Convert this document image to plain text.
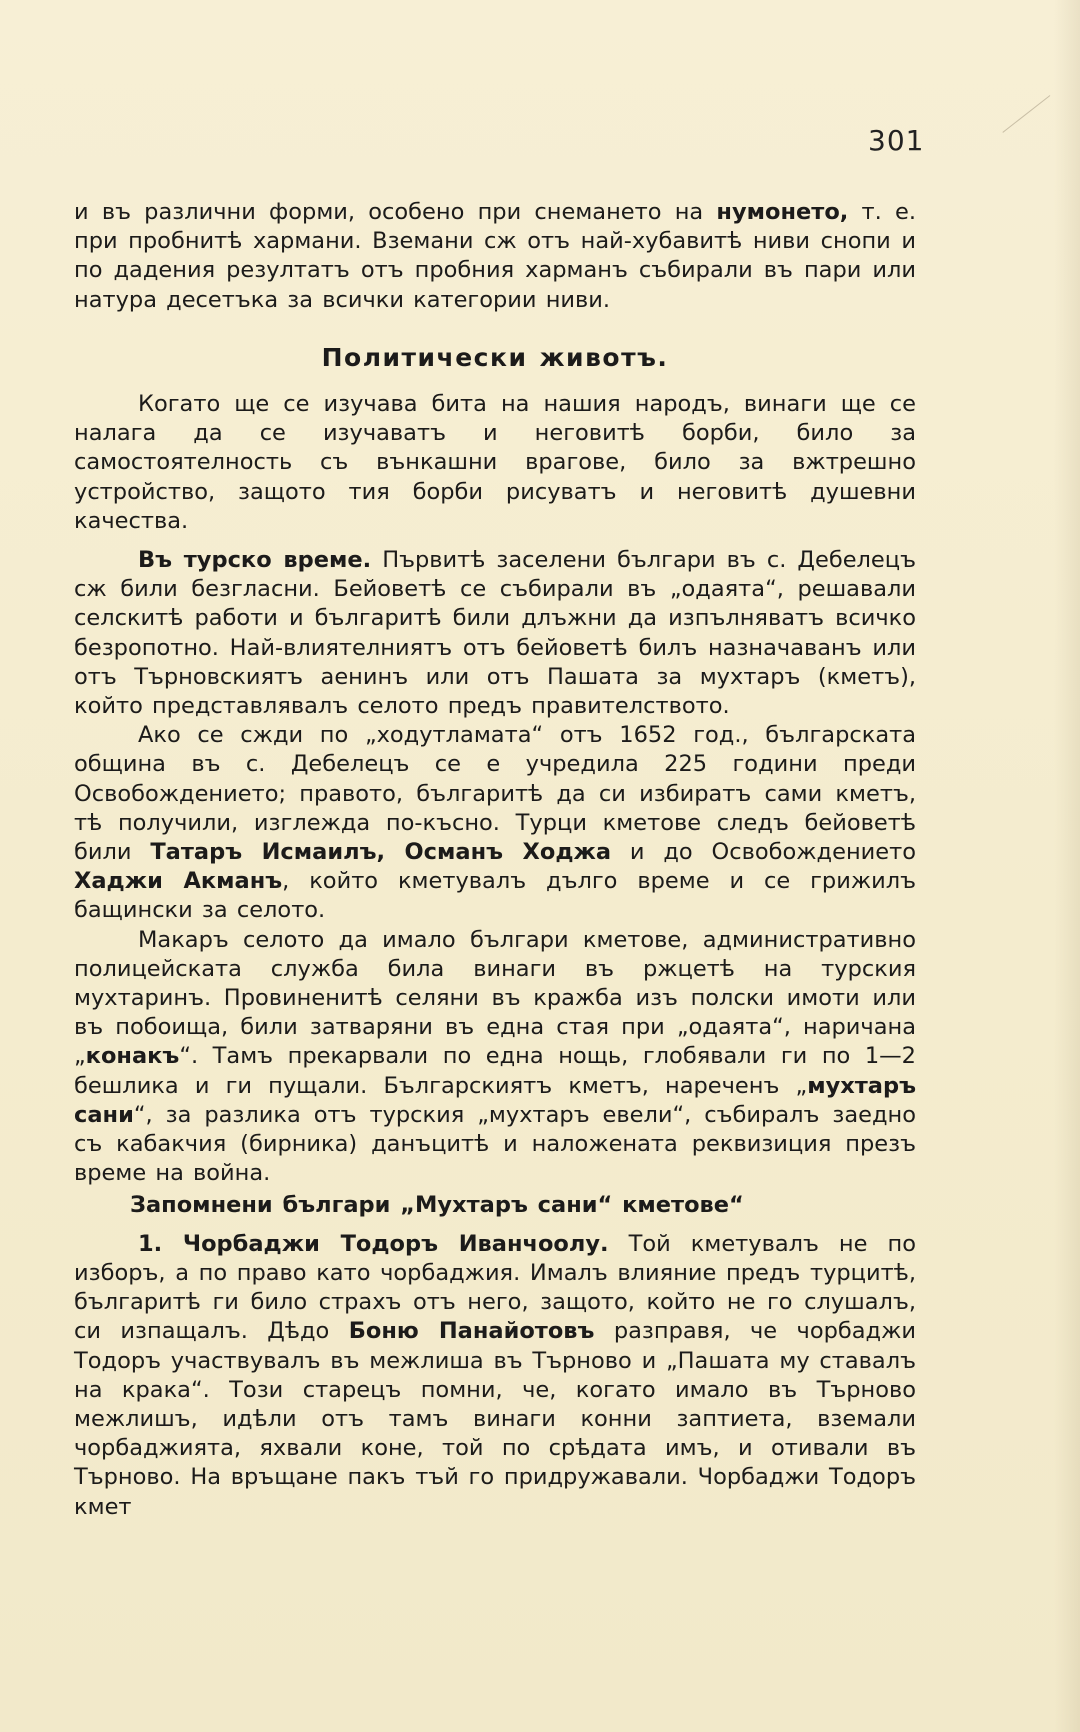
301

и въ различни форми, особено при снемането на нумонето, т. е. при пробнитѣ хармани. Вземани сж отъ най-хубавитѣ ниви снопи и по дадения резултатъ отъ пробния харманъ събирали въ пари или натура десетъка за всички категории ниви.

Политически животъ.

Когато ще се изучава бита на нашия народъ, винаги ще се налага да се изучаватъ и неговитѣ борби, било за самостоятелность съ вънкашни врагове, било за вжтрешно устройство, защото тия борби рисуватъ и неговитѣ душевни качества.

Въ турско време. Първитѣ заселени българи въ с. Дебелецъ сж били безгласни. Бейоветѣ се събирали въ „одаята“, решавали селскитѣ работи и българитѣ били длъжни да изпълняватъ всичко безропотно. Най-влиятелниятъ отъ бейоветѣ билъ назначаванъ или отъ Търновскиятъ аенинъ или отъ Пашата за мухтаръ (кметъ), който представлявалъ селото предъ правителството.

Ако се сжди по „ходутламата“ отъ 1652 год., българската община въ с. Дебелецъ се е учредила 225 години преди Освобождението; правото, българитѣ да си избиратъ сами кметъ, тѣ получили, изглежда по-късно. Турци кметове следъ бейоветѣ били Татаръ Исмаилъ, Османъ Ходжа и до Освобождението Хаджи Акманъ, който кметувалъ дълго време и се грижилъ бащински за селото.

Макаръ селото да имало българи кметове, административно полицейската служба била винаги въ ржцетѣ на турския мухтаринъ. Провиненитѣ селяни въ кражба изъ полски имоти или въ побоища, били затваряни въ една стая при „одаята“, наричана „конакъ“. Тамъ прекарвали по една нощь, глобявали ги по 1—2 бешлика и ги пущали. Българскиятъ кметъ, нареченъ „мухтаръ сани“, за разлика отъ турския „мухтаръ евели“, събиралъ заедно съ кабакчия (бирника) данъцитѣ и наложената реквизиция презъ време на война.

Запомнени българи „Мухтаръ сани“ кметове“

1. Чорбаджи Тодоръ Иванчоолу. Той кметувалъ не по изборъ, а по право като чорбаджия. Ималъ влияние предъ турцитѣ, българитѣ ги било страхъ отъ него, защото, който не го слушалъ, си изпащалъ. Дѣдо Боню Панайотовъ разправя, че чорбаджи Тодоръ участвувалъ въ межлиша въ Търново и „Пашата му ставалъ на крака“. Този старецъ помни, че, когато имало въ Търново межлишъ, идѣли отъ тамъ винаги конни заптиета, вземали чорбаджията, яхвали коне, той по срѣдата имъ, и отивали въ Търново. На връщане пакъ тъй го придружавали. Чорбаджи Тодоръ кмет
